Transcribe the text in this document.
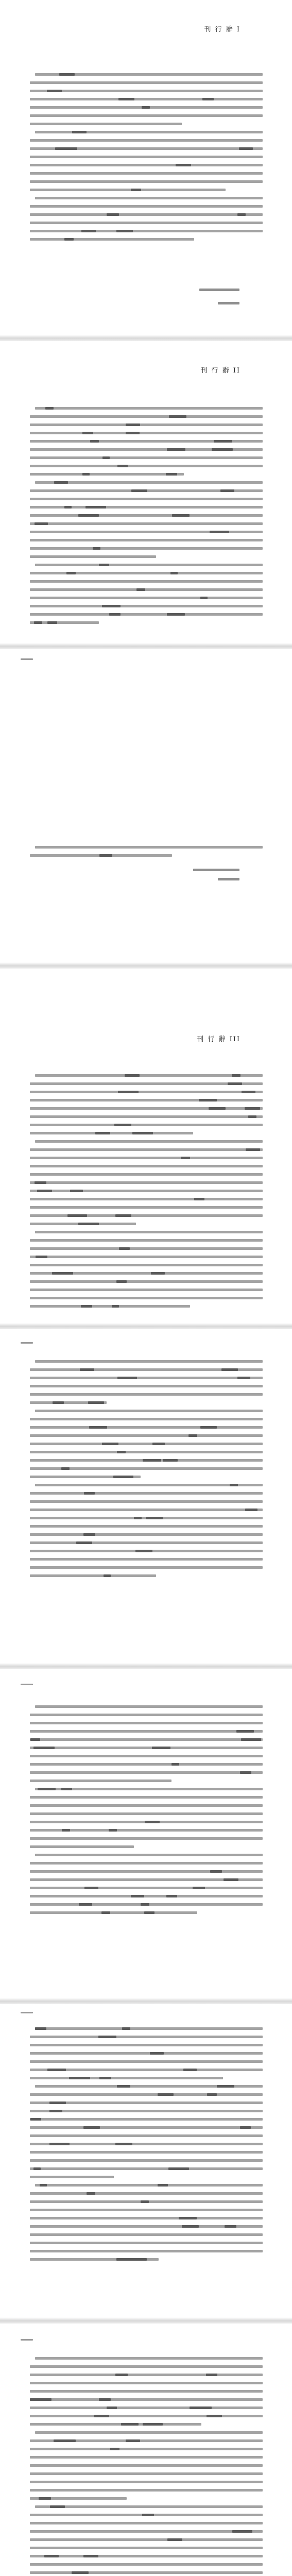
刊 行 辭 I
刊 行 辭 II
刊 行 辭 III
